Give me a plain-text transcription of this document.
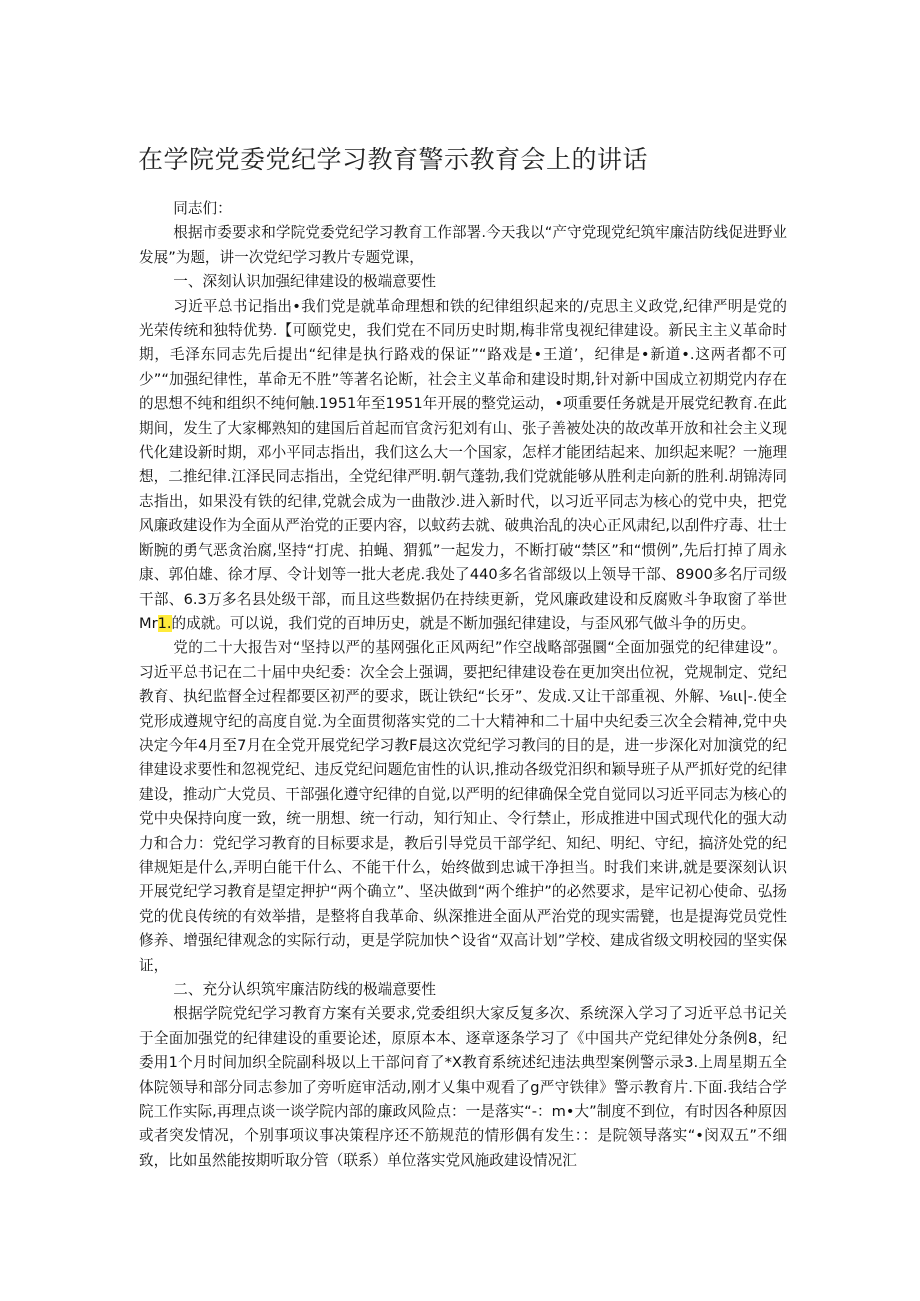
在学院党委党纪学习教育警示教育会上的讲话

同志们：

根据市委要求和学院党委党纪学习教育工作部署.今天我以“产守党现党纪筑牢廉洁防线促进野业发展”为题，讲一次党纪学习教片专题党课，

一、深刻认识加强纪律建设的极端意要性

习近平总书记指出•我们党是就革命理想和铁的纪律组织起来的/克思主义政党,纪律严明是党的光荣传统和独特优势.【可颐党史，我们党在不同历史时期,梅非常曳视纪律建设。新民主主义革命时期，毛泽东同志先后提出“纪律是执行路戏的保证”“路戏是•王道’，纪律是•新道•.这两者都不可少”“加强纪律性，革命无不胜”等著名论断，社会主义革命和建设时期,针对新中国成立初期党内存在的思想不纯和组织不纯何触.1951年至1951年开展的整党运动，•项重要任务就是开展党纪教育.在此期间，发生了大家椰熟知的建国后首起而官贪污犯刘有山、张子善被处决的故改革开放和社会主义现代化建设新时期，邓小平同志指出，我们这么大一个国家，怎样才能团结起来、加织起来呢？一施理想，二推纪律.江泽民同志指出，全党纪律严明.朝气蓬勃,我们党就能够从胜利走向新的胜利.胡锦涛同志指出，如果没有铁的纪律,党就会成为一曲散沙.进入新时代，以习近平同志为核心的党中央，把党风廉政建设作为全面从严治党的正要内容，以蚊药去就、破典治乱的决心正风肃纪,以刮件疗毒、壮士断腕的勇气恶贪治腐,坚持“打虎、拍蝇、猬狐”一起发力，不断打破“禁区”和“惯例”,先后打掉了周永康、郭伯雄、徐才厚、令计划等一批大老虎.我处了440多名省部级以上领导干部、8900多名厅司级干部、6.3万多名县处级干部，而且这些数据仍在持续更新，党风廉政建设和反腐败斗争取窗了举世Mr1.的成就。可以说，我们党的百坤历史，就是不断加强纪律建设，与歪风邪气做斗争的历史。

党的二十大报告对“坚持以严的基网强化正风两纪”作空战略部强圜“全面加强党的纪律建设”。习近平总书记在二十届中央纪委：次全会上强调，要把纪律建设卷在更加突出位祝，党规制定、党纪教育、执纪监督全过程都要区初严的要求，既让铁纪“长牙”、发成.又让干部重视、外解、⅛ιι|-.使全党形成遵规守纪的高度自觉.为全面贯彻落实党的二十大精神和二十届中央纪委三次全会精神,党中央决定今年4月至7月在全党开展党纪学习教F晨这次党纪学习教闫的目的是，进一步深化对加演党的纪律建设求要性和忽视党纪、违反党纪问题危宙性的认识,推动各级党汨织和颖导班子从严抓好党的纪律建设，推动广大党员、干部强化遵守纪律的自觉,以严明的纪律确保全党自觉同以习近平同志为核心的党中央保持向度一致，统一朋想、统一行动，知行知止、令行禁止，形成推进中国式现代化的强大动力和合力：党纪学习教育的目标要求是，教后引导党员干部学纪、知纪、明纪、守纪，搞济处党的纪律规矩是什么,弄明白能干什么、不能干什么，始终做到忠诚干净担当。时我们来讲,就是要深刻认识开展党纪学习教育是望定押护“两个确立”、坚决做到“两个维护”的必然要求，是牢记初心使命、弘扬党的优良传统的有效举措，是整将自我革命、纵深推进全面从严治党的现实需甓，也是提海党员党性修养、增强纪律观念的实际行动，更是学院加快^设省“双高计划”学校、建成省级文明校园的坚实保证，

二、充分认织筑牢廉洁防线的极端意要性

根据学院党纪学习教育方案有关要求,党委组织大家反复多次、系统深入学习了习近平总书记关于全面加强党的纪律建设的重要论述，原原本本、逐章逐条学习了《中国共产党纪律处分条例8，纪委用1个月时间加织全院副科圾以上干部问育了*X教育系统述纪违法典型案例警示录3.上周星期五全体院领导和部分同志参加了旁听庭审活动,刚才乂集中观看了g严守铁律》警示教育片.下面.我结合学院工作实际,再理点谈一谈学院内部的廉政风险点：一是落实“-：m•大”制度不到位，有时因各种原因或者突发情况，个别事项议事决策程序还不筋规范的情形偶有发生：：是院领导落实“•闵双五”不细致，比如虽然能按期听取分管（联系）单位落实党风施政建设情况汇
